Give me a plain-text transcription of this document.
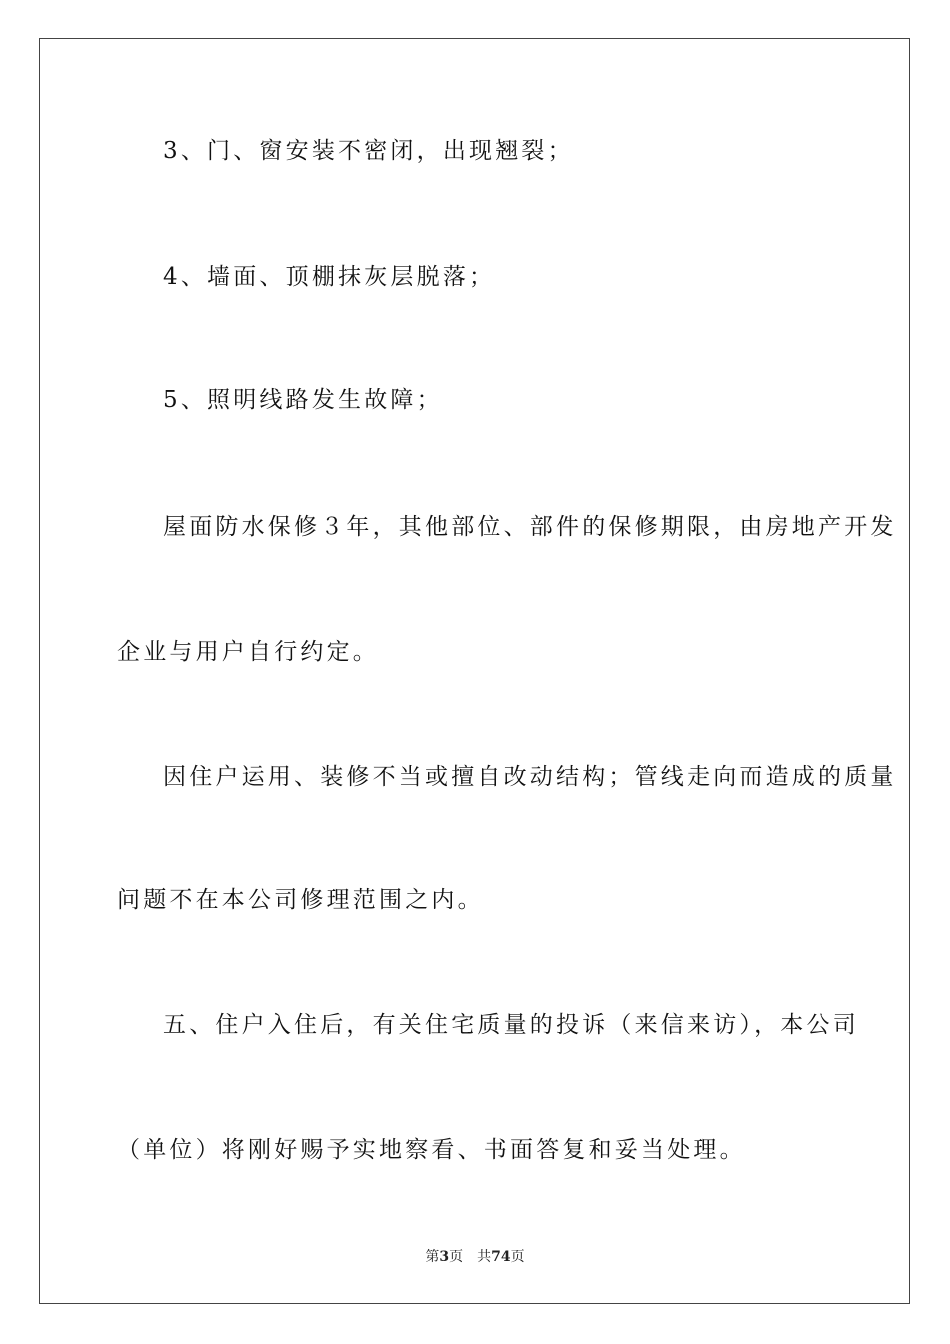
3、门、窗安装不密闭，出现翘裂；
4、墙面、顶棚抹灰层脱落；
5、照明线路发生故障；
屋面防水保修３年，其他部位、部件的保修期限，由房地产开发
企业与用户自行约定。
因住户运用、装修不当或擅自改动结构；管线走向而造成的质量
问题不在本公司修理范围之内。
五、住户入住后，有关住宅质量的投诉（来信来访），本公司
（单位）将刚好赐予实地察看、书面答复和妥当处理。
第3页　共74页
